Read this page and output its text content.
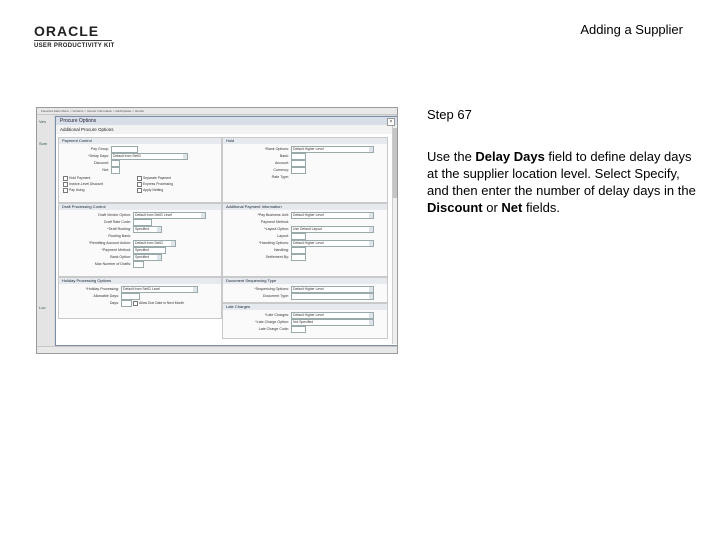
ORACLE
USER PRODUCTIVITY KIT
Adding a Supplier
Favorites Main Menu > Vendors > Vendor Information > Add/Update > Vendor
Ven
Sum
Loc
Procure Options	×
Additional Procure Options
Payment Control
Pay Group:
*Delay Days:	Default from SetID
Discount:
Net:
Hold Payment	Separate Payment
Invoice-Level Discount	Express Processing
Pay Using	Apply Netting
Hold
*Bank Options:	Default Higher Level
Bank:
Account:
Currency:
Rate Type:
Draft Processing Control
Draft Vendor Option:	Default from SetID Level
Draft Rate Code:
*Draft Routing:	Specified
Routing Bank:
*Remitting Account Action:	Default from SetID
*Payment Method:	Specified
Bank Option:	Specified
Max Number of Drafts:
Additional Payment Information
*Pay Business Unit:	Default Higher Level
Payment Method:
*Layout Option:	Use Default Layout
Layout:
*Handling Options:	Default Higher Level
Handling:
Settlement By:
Holiday Processing Options
*Holiday Processing:	Default from SetID Level
Allowable Days:
Days:	Allow Due Date in Next Month
Document Sequencing Type
*Sequencing Options:	Default Higher Level
Document Type:
Late Charges
*Late Charges:	Default Higher Level
*Late Charge Option:	Not Specified
Late Charge Code:
Step 67
Use the Delay Days field to define delay days at the supplier location level. Select Specify, and then enter the number of delay days in the Discount or Net fields.
